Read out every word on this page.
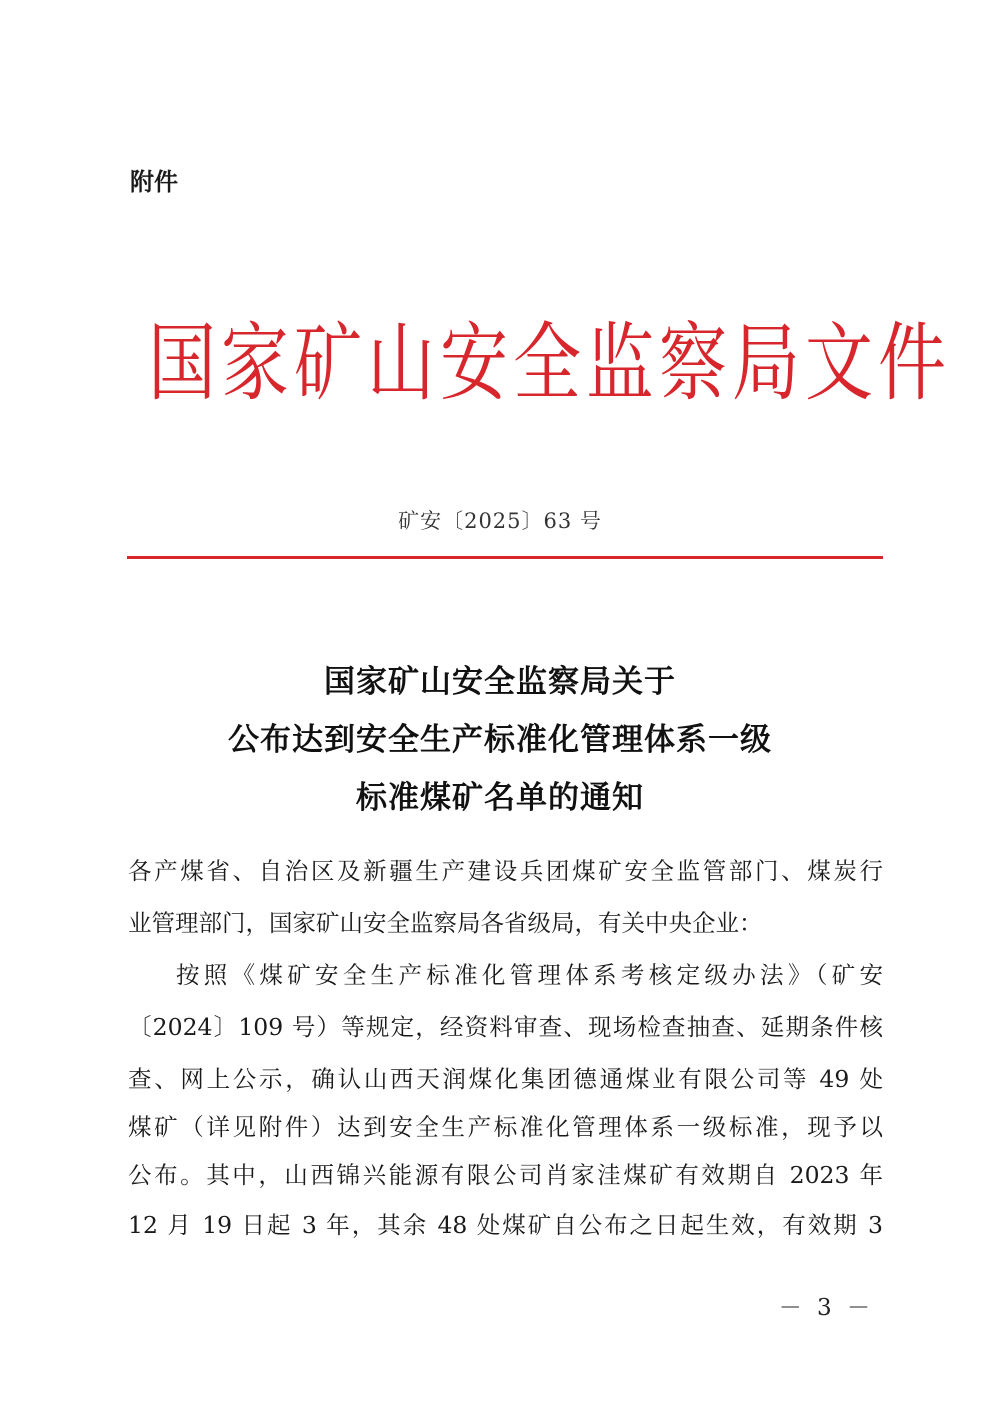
附件
国家矿山安全监察局文件
矿安〔2025〕63 号
国家矿山安全监察局关于
公布达到安全生产标准化管理体系一级
标准煤矿名单的通知
各产煤省、自治区及新疆生产建设兵团煤矿安全监管部门、煤炭行
业管理部门，国家矿山安全监察局各省级局，有关中央企业：
按照《煤矿安全生产标准化管理体系考核定级办法》（矿安
〔2024〕109 号）等规定，经资料审查、现场检查抽查、延期条件核
查、网上公示，确认山西天润煤化集团德通煤业有限公司等 49 处
煤矿（详见附件）达到安全生产标准化管理体系一级标准，现予以
公布。其中，山西锦兴能源有限公司肖家洼煤矿有效期自 2023 年
12 月 19 日起 3 年，其余 48 处煤矿自公布之日起生效，有效期 3
－ 3 －
